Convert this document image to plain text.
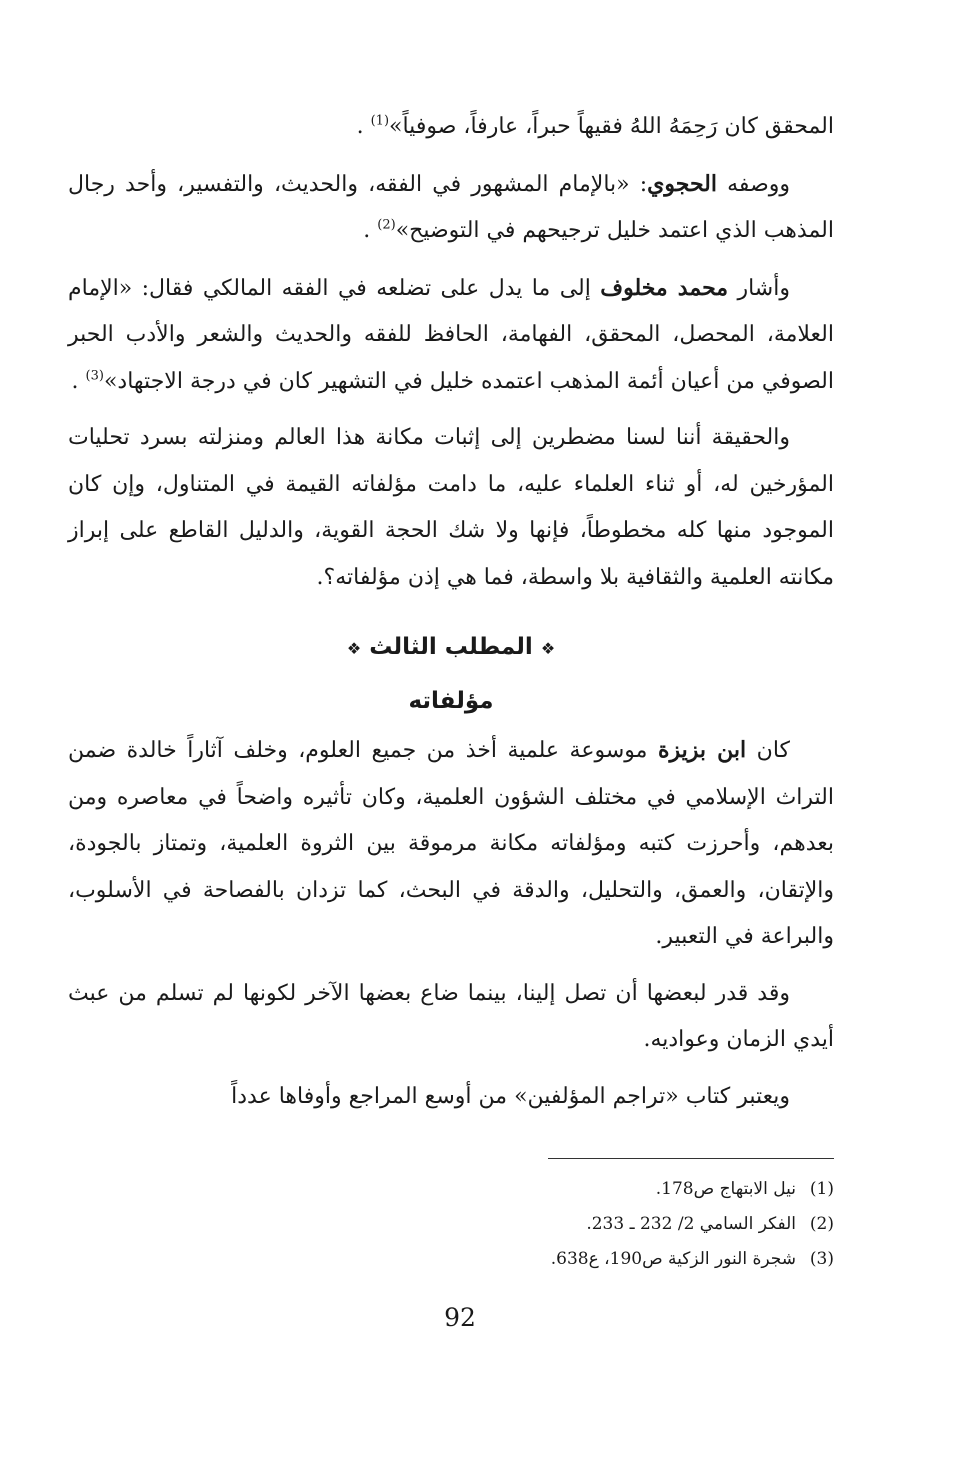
المحقق كان رَحِمَهُ اللهُ فقيهاً حبراً، عارفاً، صوفياً»$^{(1)}$ .

ووصفه الحجوي: «بالإمام المشهور في الفقه، والحديث، والتفسير، وأحد رجال المذهب الذي اعتمد خليل ترجيحهم في التوضيح»$^{(2)}$ .

وأشار محمد مخلوف إلى ما يدل على تضلعه في الفقه المالكي فقال: «الإمام العلامة، المحصل، المحقق، الفهامة، الحافظ للفقه والحديث والشعر والأدب الحبر الصوفي من أعيان أئمة المذهب اعتمده خليل في التشهير كان في درجة الاجتهاد»$^{(3)}$ .

والحقيقة أننا لسنا مضطرين إلى إثبات مكانة هذا العالم ومنزلته بسرد تحليات المؤرخين له، أو ثناء العلماء عليه، ما دامت مؤلفاته القيمة في المتناول، وإن كان الموجود منها كله مخطوطاً، فإنها ولا شك الحجة القوية، والدليل القاطع على إبراز مكانته العلمية والثقافية بلا واسطة، فما هي إذن مؤلفاته؟.

❖المطلب الثالث❖
مؤلفاته

كان ابن بزيزة موسوعة علمية أخذ من جميع العلوم، وخلف آثاراً خالدة ضمن التراث الإسلامي في مختلف الشؤون العلمية، وكان تأثيره واضحاً في معاصره ومن بعدهم، وأحرزت كتبه ومؤلفاته مكانة مرموقة بين الثروة العلمية، وتمتاز بالجودة، والإتقان، والعمق، والتحليل، والدقة في البحث، كما تزدان بالفصاحة في الأسلوب، والبراعة في التعبير.

وقد قدر لبعضها أن تصل إلينا، بينما ضاع بعضها الآخر لكونها لم تسلم من عبث أيدي الزمان وعواديه.

ويعتبر كتاب «تراجم المؤلفين» من أوسع المراجع وأوفاها عدداً

(1)نيل الابتهاج ص178.
(2)الفكر السامي 2/ 232 ـ 233.
(3)شجرة النور الزكية ص190، ع638.
92
